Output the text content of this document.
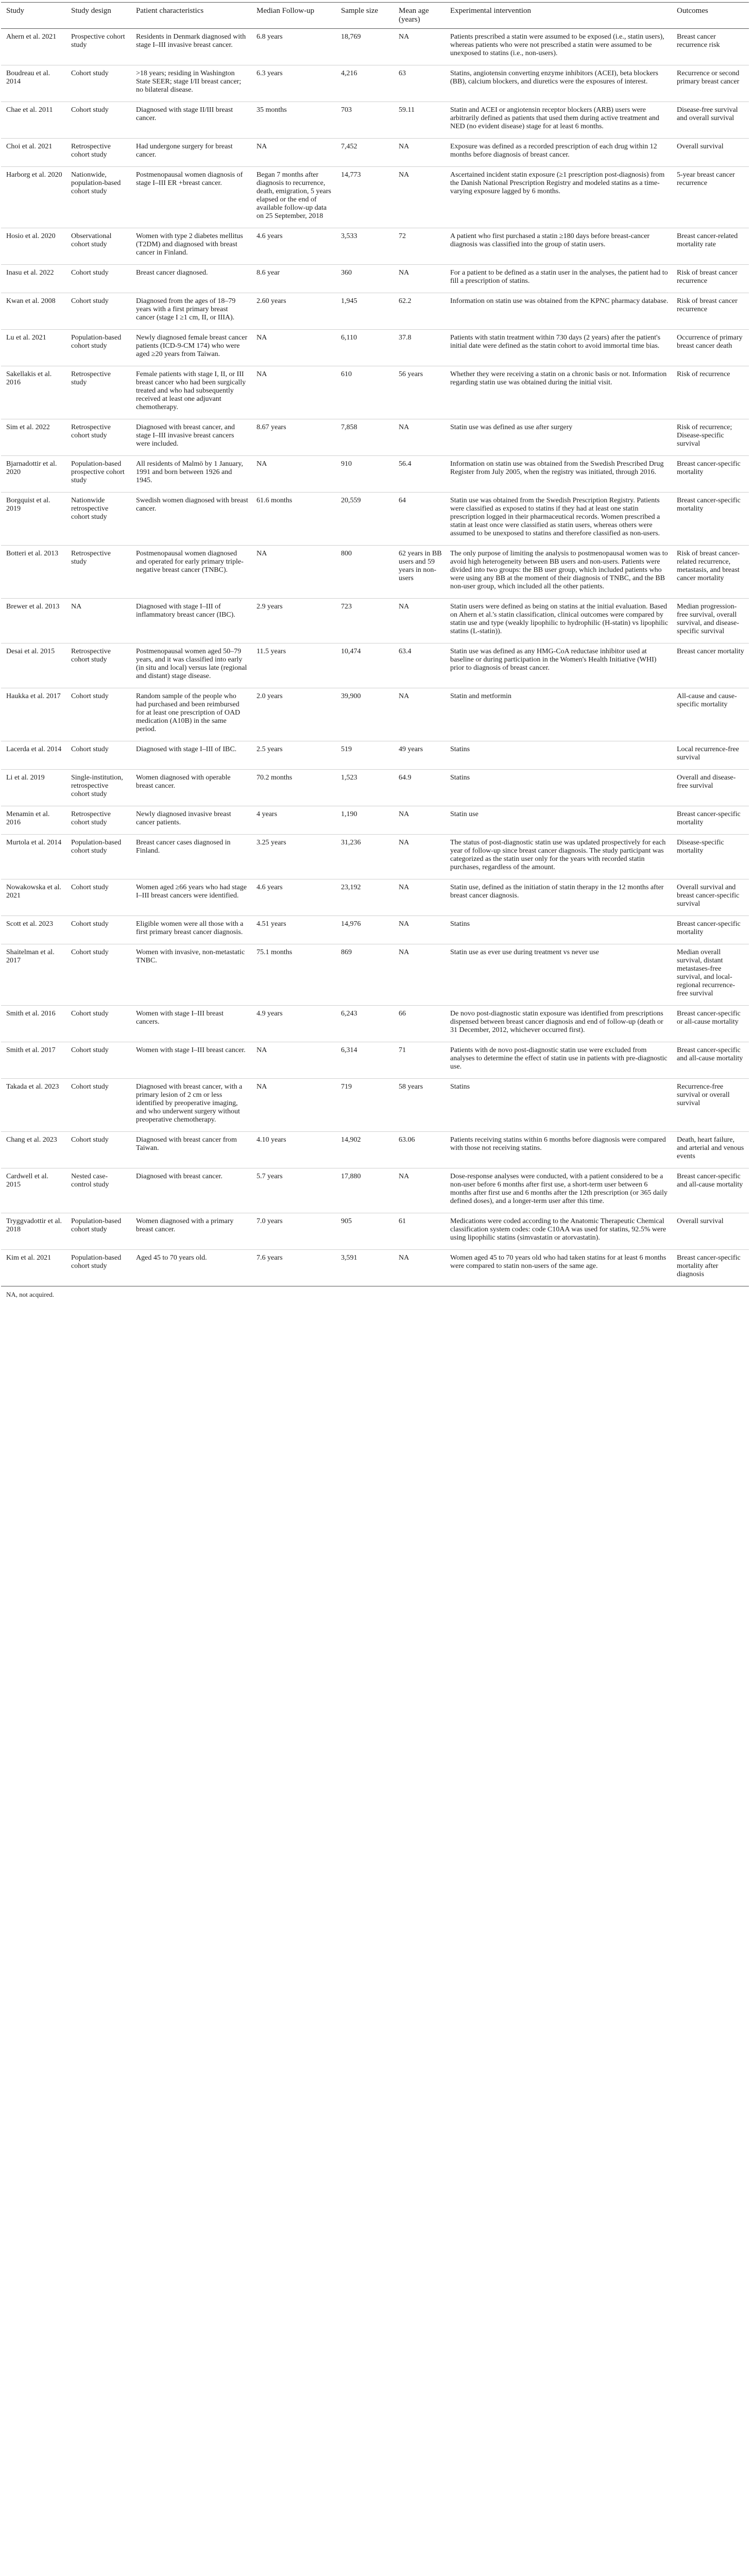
Study	Study design	Patient characteristics	Median Follow-up	Sample size	Mean age (years)	Experimental intervention	Outcomes
Ahern et al. 2021	Prospective cohort study	Residents in Denmark diagnosed with stage I–III invasive breast cancer.	6.8 years	18,769	NA	Patients prescribed a statin were assumed to be exposed (i.e., statin users), whereas patients who were not prescribed a statin were assumed to be unexposed to statins (i.e., non-users).	Breast cancer recurrence risk
Boudreau et al. 2014	Cohort study	>18 years; residing in Washington State SEER; stage I/II breast cancer; no bilateral disease.	6.3 years	4,216	63	Statins, angiotensin converting enzyme inhibitors (ACEI), beta blockers (BB), calcium blockers, and diuretics were the exposures of interest.	Recurrence or second primary breast cancer
Chae et al. 2011	Cohort study	Diagnosed with stage II/III breast cancer.	35 months	703	59.11	Statin and ACEI or angiotensin receptor blockers (ARB) users were arbitrarily defined as patients that used them during active treatment and NED (no evident disease) stage for at least 6 months.	Disease-free survival and overall survival
Choi et al. 2021	Retrospective cohort study	Had undergone surgery for breast cancer.	NA	7,452	NA	Exposure was defined as a recorded prescription of each drug within 12 months before diagnosis of breast cancer.	Overall survival
Harborg et al. 2020	Nationwide, population-based cohort study	Postmenopausal women diagnosis of stage I–III ER +breast cancer.	Began 7 months after diagnosis to recurrence, death, emigration, 5 years elapsed or the end of available follow-up data on 25 September, 2018	14,773	NA	Ascertained incident statin exposure (≥1 prescription post-diagnosis) from the Danish National Prescription Registry and modeled statins as a time-varying exposure lagged by 6 months.	5-year breast cancer recurrence
Hosio et al. 2020	Observational cohort study	Women with type 2 diabetes mellitus (T2DM) and diagnosed with breast cancer in Finland.	4.6 years	3,533	72	A patient who first purchased a statin ≥180 days before breast-cancer diagnosis was classified into the group of statin users.	Breast cancer-related mortality rate
Inasu et al. 2022	Cohort study	Breast cancer diagnosed.	8.6 year	360	NA	For a patient to be defined as a statin user in the analyses, the patient had to fill a prescription of statins.	Risk of breast cancer recurrence
Kwan et al. 2008	Cohort study	Diagnosed from the ages of 18–79 years with a first primary breast cancer (stage I ≥1 cm, II, or IIIA).	2.60 years	1,945	62.2	Information on statin use was obtained from the KPNC pharmacy database.	Risk of breast cancer recurrence
Lu et al. 2021	Population-based cohort study	Newly diagnosed female breast cancer patients (ICD-9-CM 174) who were aged ≥20 years from Taiwan.	NA	6,110	37.8	Patients with statin treatment within 730 days (2 years) after the patient's initial date were defined as the statin cohort to avoid immortal time bias.	Occurrence of primary breast cancer death
Sakellakis et al. 2016	Retrospective study	Female patients with stage I, II, or III breast cancer who had been surgically treated and who had subsequently received at least one adjuvant chemotherapy.	NA	610	56 years	Whether they were receiving a statin on a chronic basis or not. Information regarding statin use was obtained during the initial visit.	Risk of recurrence
Sim et al. 2022	Retrospective cohort study	Diagnosed with breast cancer, and stage I–III invasive breast cancers were included.	8.67 years	7,858	NA	Statin use was defined as use after surgery	Risk of recurrence; Disease-specific survival
Bjarnadottir et al. 2020	Population-based prospective cohort study	All residents of Malmö by 1 January, 1991 and born between 1926 and 1945.	NA	910	56.4	Information on statin use was obtained from the Swedish Prescribed Drug Register from July 2005, when the registry was initiated, through 2016.	Breast cancer-specific mortality
Borgquist et al. 2019	Nationwide retrospective cohort study	Swedish women diagnosed with breast cancer.	61.6 months	20,559	64	Statin use was obtained from the Swedish Prescription Registry. Patients were classified as exposed to statins if they had at least one statin prescription logged in their pharmaceutical records. Women prescribed a statin at least once were classified as statin users, whereas others were assumed to be unexposed to statins and therefore classified as non-users.	Breast cancer-specific mortality
Botteri et al. 2013	Retrospective study	Postmenopausal women diagnosed and operated for early primary triple-negative breast cancer (TNBC).	NA	800	62 years in BB users and 59 years in non-users	The only purpose of limiting the analysis to postmenopausal women was to avoid high heterogeneity between BB users and non-users. Patients were divided into two groups: the BB user group, which included patients who were using any BB at the moment of their diagnosis of TNBC, and the BB non-user group, which included all the other patients.	Risk of breast cancer-related recurrence, metastasis, and breast cancer mortality
Brewer et al. 2013	NA	Diagnosed with stage I–III of inflammatory breast cancer (IBC).	2.9 years	723	NA	Statin users were defined as being on statins at the initial evaluation. Based on Ahern et al.'s statin classification, clinical outcomes were compared by statin use and type (weakly lipophilic to hydrophilic (H-statin) vs lipophilic statins (L-statin)).	Median progression-free survival, overall survival, and disease-specific survival
Desai et al. 2015	Retrospective cohort study	Postmenopausal women aged 50–79 years, and it was classified into early (in situ and local) versus late (regional and distant) stage disease.	11.5 years	10,474	63.4	Statin use was defined as any HMG-CoA reductase inhibitor used at baseline or during participation in the Women's Health Initiative (WHI) prior to diagnosis of breast cancer.	Breast cancer mortality
Haukka et al. 2017	Cohort study	Random sample of the people who had purchased and been reimbursed for at least one prescription of OAD medication (A10B) in the same period.	2.0 years	39,900	NA	Statin and metformin	All-cause and cause-specific mortality
Lacerda et al. 2014	Cohort study	Diagnosed with stage I–III of IBC.	2.5 years	519	49 years	Statins	Local recurrence-free survival
Li et al. 2019	Single-institution, retrospective cohort study	Women diagnosed with operable breast cancer.	70.2 months	1,523	64.9	Statins	Overall and disease-free survival
Menamin et al. 2016	Retrospective cohort study	Newly diagnosed invasive breast cancer patients.	4 years	1,190	NA	Statin use	Breast cancer-specific mortality
Murtola et al. 2014	Population-based cohort study	Breast cancer cases diagnosed in Finland.	3.25 years	31,236	NA	The status of post-diagnostic statin use was updated prospectively for each year of follow-up since breast cancer diagnosis. The study participant was categorized as the statin user only for the years with recorded statin purchases, regardless of the amount.	Disease-specific mortality
Nowakowska et al. 2021	Cohort study	Women aged ≥66 years who had stage I–III breast cancers were identified.	4.6 years	23,192	NA	Statin use, defined as the initiation of statin therapy in the 12 months after breast cancer diagnosis.	Overall survival and breast cancer-specific survival
Scott et al. 2023	Cohort study	Eligible women were all those with a first primary breast cancer diagnosis.	4.51 years	14,976	NA	Statins	Breast cancer-specific mortality
Shaitelman et al. 2017	Cohort study	Women with invasive, non-metastatic TNBC.	75.1 months	869	NA	Statin use as ever use during treatment vs never use	Median overall survival, distant metastases-free survival, and local-regional recurrence-free survival
Smith et al. 2016	Cohort study	Women with stage I–III breast cancers.	4.9 years	6,243	66	De novo post-diagnostic statin exposure was identified from prescriptions dispensed between breast cancer diagnosis and end of follow-up (death or 31 December, 2012, whichever occurred first).	Breast cancer-specific or all-cause mortality
Smith et al. 2017	Cohort study	Women with stage I–III breast cancer.	NA	6,314	71	Patients with de novo post-diagnostic statin use were excluded from analyses to determine the effect of statin use in patients with pre-diagnostic use.	Breast cancer-specific and all-cause mortality
Takada et al. 2023	Cohort study	Diagnosed with breast cancer, with a primary lesion of 2 cm or less identified by preoperative imaging, and who underwent surgery without preoperative chemotherapy.	NA	719	58 years	Statins	Recurrence-free survival or overall survival
Chang et al. 2023	Cohort study	Diagnosed with breast cancer from Taiwan.	4.10 years	14,902	63.06	Patients receiving statins within 6 months before diagnosis were compared with those not receiving statins.	Death, heart failure, and arterial and venous events
Cardwell et al. 2015	Nested case-control study	Diagnosed with breast cancer.	5.7 years	17,880	NA	Dose-response analyses were conducted, with a patient considered to be a non-user before 6 months after first use, a short-term user between 6 months after first use and 6 months after the 12th prescription (or 365 daily defined doses), and a longer-term user after this time.	Breast cancer-specific and all-cause mortality
Tryggvadottir et al. 2018	Population-based cohort study	Women diagnosed with a primary breast cancer.	7.0 years	905	61	Medications were coded according to the Anatomic Therapeutic Chemical classification system codes: code C10AA was used for statins, 92.5% were using lipophilic statins (simvastatin or atorvastatin).	Overall survival
Kim et al. 2021	Population-based cohort study	Aged 45 to 70 years old.	7.6 years	3,591	NA	Women aged 45 to 70 years old who had taken statins for at least 6 months were compared to statin non-users of the same age.	Breast cancer-specific mortality after diagnosis
NA, not acquired.
